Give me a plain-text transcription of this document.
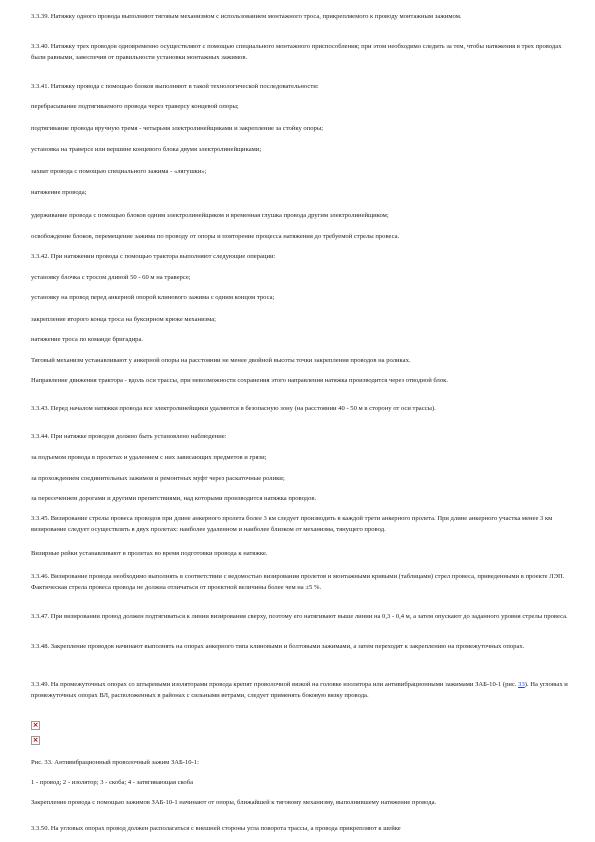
3.3.39. Натяжку одного провода выполняют тяговым механизмом с использованием монтажного троса, прикрепляемого к проводу монтажным зажимом.

3.3.40. Натяжку трех проводов одновременно осуществляют с помощью специального монтажного приспособления; при этом необходимо следить за тем, чтобы натяжения в трех проводах были равными, завеспечив от правильности установки монтажных зажимов.

3.3.41. Натяжку провода с помощью блоков выполняют в такой технологической последовательности:

перебрасывание подтягиваемого провода через траверсу концевой опоры;

подтягивание провода вручную тремя - четырьмя электролинейщиками и закрепление за стойку опоры;

установка на траверсе или вершине концевого блока двумя электролинейщиками;

захват провода с помощью специального зажима - «лягушки»;

натяжение провода;

удерживание провода с помощью блоков одним электролинейщиком и временная глушка провода другим электролинейщиком;

освобождение блоков, перемещение зажима по проводу от опоры и повторение процесса натяжения до требуемой стрелы провеса.

3.3.42. При натяжении провода с помощью трактора выполняют следующие операции:

установку блочка с тросом длиной 50 - 60 м на траверсе;

установку на провод перед анкерной опорой клинового зажима с одним концом троса;

закрепление второго конца троса на буксирном крюке механизма;

натяжение троса по команде бригадира.

Тяговый механизм устанавливают у анкерной опоры на расстоянии не менее двойной высоты точки закрепления проводов на роликах.

Направление движения трактора - вдоль оси трассы, при невозможности сохранения этого направления натяжка производится через отводной блок.

3.3.43. Перед началом натяжки провода все электролинейщики удаляются в безопасную зону (на расстоянии 40 - 50 м в сторону от оси трассы).

3.3.44. При натяжке проводов должно быть установлено наблюдение:

за подъемом провода в пролетах и удалением с них зависающих предметов и грязи;

за прохождением соединительных зажимов и ремонтных муфт через раскаточные ролики;

за пересечением дорогами и другими препятствиями, над которыми производится натяжка проводов.

3.3.45. Визирование стрелы провеса проводов при длине анкерного пролета более 3 км следует производить в каждой трети анкерного пролета. При длине анкерного участка менее 3 км визирование следует осуществлять в двух пролетах: наиболее удаленном и наиболее близком от механизма, тянущего провод.

Визирные рейки устанавливают в пролетах во время подготовки провода к натяжке.

3.3.46. Визирование провода необходимо выполнять в соответствии с ведомостью визирования пролетов и монтажными кривыми (таблицами) стрел провеса, приведенными в проекте ЛЭП. Фактическая стрела провеса провода не должна отличаться от проектной величины более чем на ±5 %.

3.3.47. При визировании провод должен подтягиваться к линии визирования сверху, поэтому его натягивают выше линии на 0,3 - 0,4 м, а затем опускают до заданного уровня стрелы провеса.

3.3.48. Закрепление проводов начинают выполнять на опорах анкерного типа клиновыми и болтовыми зажимами, а затем переходят к закреплению на промежуточных опорах.

3.3.49. На промежуточных опорах со штыревыми изоляторами провода крепят проволочной вязкой на головке изолятора или антивибрационными зажимами ЗАБ-10-1 (рис. 33). На угловых и промежуточных опорах ВЛ, расположенных в районах с сильными ветрами, следует применять боковую вязку провода.

×
×

Рис. 33. Антивибрационный проволочный зажим ЗАБ-10-1:

1 - провод; 2 - изолятор; 3 - скоба; 4 - затягивающая скоба

Закрепление провода с помощью зажимов ЗАБ-10-1 начинают от опоры, ближайшей к тяговому механизму, выполнившему натяжение провода.

3.3.50. На угловых опорах провод должен располагаться с внешней стороны угла поворота трассы, а провода прикрепляют к шейке
